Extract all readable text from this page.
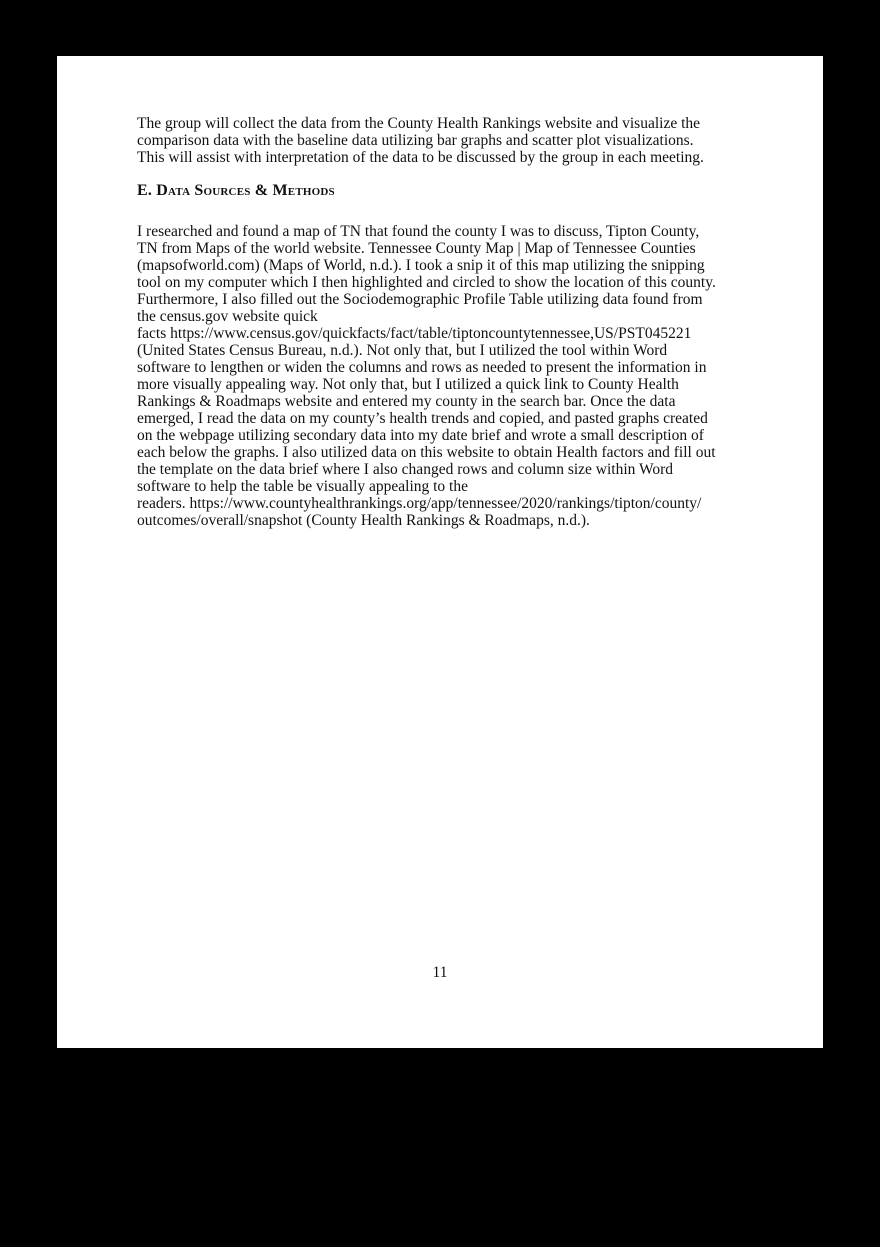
The group will collect the data from the County Health Rankings website and visualize the
comparison data with the baseline data utilizing bar graphs and scatter plot visualizations.
This will assist with interpretation of the data to be discussed by the group in each meeting.
E. Data Sources & Methods
I researched and found a map of TN that found the county I was to discuss, Tipton County,
TN from Maps of the world website. Tennessee County Map | Map of Tennessee Counties
(mapsofworld.com) (Maps of World, n.d.). I took a snip it of this map utilizing the snipping
tool on my computer which I then highlighted and circled to show the location of this county.
Furthermore, I also filled out the Sociodemographic Profile Table utilizing data found from
the census.gov website quick
facts https://www.census.gov/quickfacts/fact/table/tiptoncountytennessee,US/PST045221
(United States Census Bureau, n.d.). Not only that, but I utilized the tool within Word
software to lengthen or widen the columns and rows as needed to present the information in
more visually appealing way. Not only that, but I utilized a quick link to County Health
Rankings & Roadmaps website and entered my county in the search bar. Once the data
emerged, I read the data on my county’s health trends and copied, and pasted graphs created
on the webpage utilizing secondary data into my date brief and wrote a small description of
each below the graphs. I also utilized data on this website to obtain Health factors and fill out
the template on the data brief where I also changed rows and column size within Word
software to help the table be visually appealing to the
readers. https://www.countyhealthrankings.org/app/tennessee/2020/rankings/tipton/county/
outcomes/overall/snapshot (County Health Rankings & Roadmaps, n.d.).
11
